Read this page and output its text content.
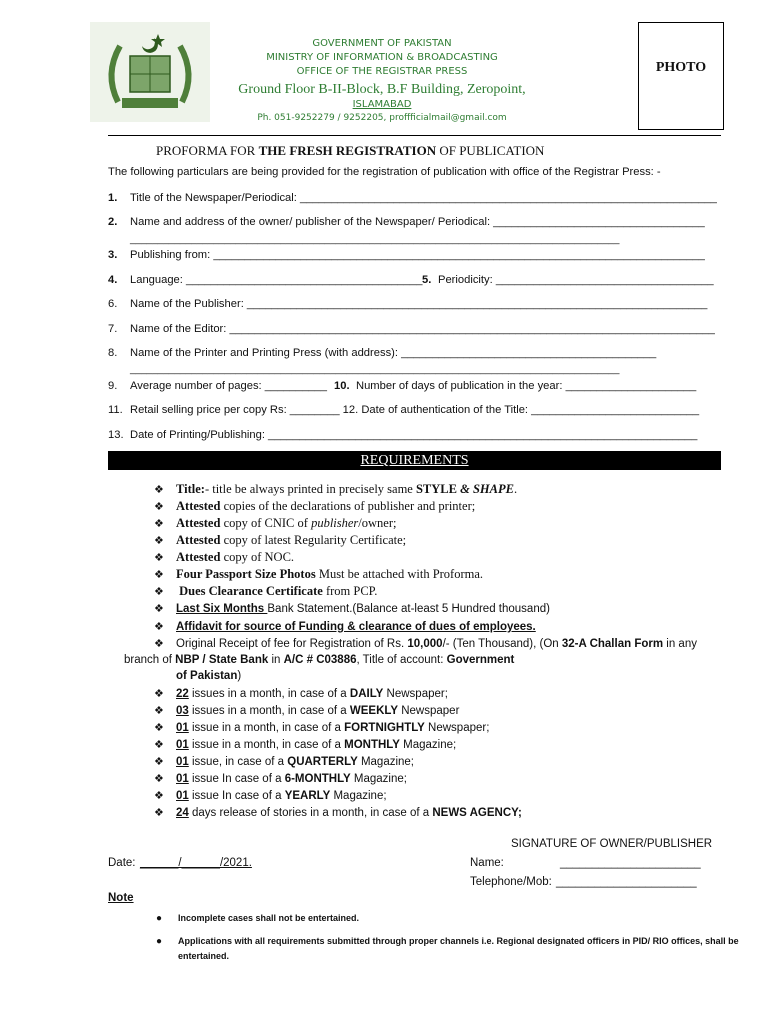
GOVERNMENT OF PAKISTAN
MINISTRY OF INFORMATION & BROADCASTING
OFFICE OF THE REGISTRAR PRESS
Ground Floor B-II-Block, B.F Building, Zeropoint,
ISLAMABAD
Ph. 051-9252279 / 9252205, proffficialmail@gmail.com
PHOTO
PROFORMA FOR THE FRESH REGISTRATION OF PUBLICATION
The following particulars are being provided for the registration of publication with office of the Registrar Press: -
1. Title of the Newspaper/Periodical: ___________________________________________________________________
2. Name and address of the owner/ publisher of the Newspaper/ Periodical: __________________________________
________________________________________________________________________________________
3. Publishing from: _______________________________________________________________________________
4. Language: ______________________________________ 5. Periodicity: ___________________________________
6. Name of the Publisher: __________________________________________________________________________
7. Name of the Editor: ______________________________________________________________________________
8. Name of the Printer and Printing Press (with address): _________________________________________
________________________________________________________________________________________
9. Average number of pages: __________ 10. Number of days of publication in the year: _____________________
11. Retail selling price per copy Rs: ________ 12. Date of authentication of the Title: ___________________________
13. Date of Printing/Publishing: _____________________________________________________________________
REQUIREMENTS
❖ Title:- title be always printed in precisely same STYLE & SHAPE.
❖ Attested copies of the declarations of publisher and printer;
❖ Attested copy of CNIC of publisher/owner;
❖ Attested copy of latest Regularity Certificate;
❖ Attested copy of NOC.
❖ Four Passport Size Photos Must be attached with Proforma.
❖ Dues Clearance Certificate from PCP.
❖ Last Six Months Bank Statement.(Balance at-least 5 Hundred thousand)
❖ Affidavit for source of Funding & clearance of dues of employees.
❖ Original Receipt of fee for Registration of Rs. 10,000/- (Ten Thousand), (On 32-A Challan Form in any
branch of NBP / State Bank in A/C # C03886, Title of account: Government
of Pakistan)
❖ 22 issues in a month, in case of a DAILY Newspaper;
❖ 03 issues in a month, in case of a WEEKLY Newspaper
❖ 01 issue in a month, in case of a FORTNIGHTLY Newspaper;
❖ 01 issue in a month, in case of a MONTHLY Magazine;
❖ 01 issue, in case of a QUARTERLY Magazine;
❖ 01 issue In case of a 6-MONTHLY Magazine;
❖ 01 issue In case of a YEARLY Magazine;
❖ 24 days release of stories in a month, in case of a NEWS AGENCY;
SIGNATURE OF OWNER/PUBLISHER
Date: ______/______/2021.	Name:	______________________
Telephone/Mob: ______________________
Note
● Incomplete cases shall not be entertained.
● Applications with all requirements submitted through proper channels i.e. Regional designated officers in PID/ RIO offices, shall be
entertained.
